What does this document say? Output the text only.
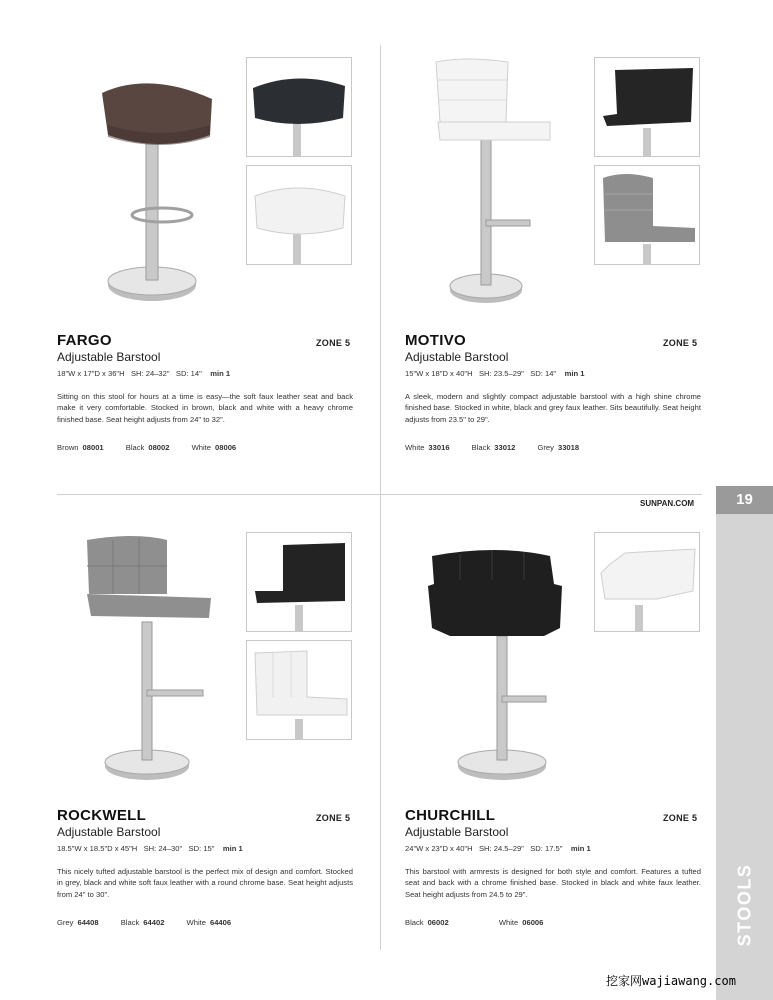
FARGO	ZONE 5
Adjustable Barstool
18"W x 17"D x 36"H SH: 24–32" SD: 14" min 1
Sitting on this stool for hours at a time is easy—the soft faux leather seat and back make it very comfortable. Stocked in brown, black and white with a heavy chrome finished base. Seat height adjusts from 24" to 32".
Brown 08001	Black 08002	White 08006
MOTIVO	ZONE 5
Adjustable Barstool
15"W x 18"D x 40"H SH: 23.5–29" SD: 14" min 1
A sleek, modern and slightly compact adjustable barstool with a high shine chrome finished base. Stocked in white, black and grey faux leather. Sits beautifully. Seat height adjusts from 23.5" to 29".
White 33016	Black 33012	Grey 33018
SUNPAN.COM	19
STOOLS
ROCKWELL	ZONE 5
Adjustable Barstool
18.5"W x 18.5"D x 45"H SH: 24–30" SD: 15" min 1
This nicely tufted adjustable barstool is the perfect mix of design and comfort. Stocked in grey, black and white soft faux leather with a round chrome base. Seat height adjusts from 24" to 30".
Grey 64408	Black 64402	White 64406
CHURCHILL	ZONE 5
Adjustable Barstool
24"W x 23"D x 40"H SH: 24.5–29" SD: 17.5" min 1
This barstool with armrests is designed for both style and comfort. Features a tufted seat and back with a chrome finished base. Stocked in black and white faux leather. Seat height adjusts from 24.5 to 29".
Black 06002	White 06006
挖家网wajiawang.com
